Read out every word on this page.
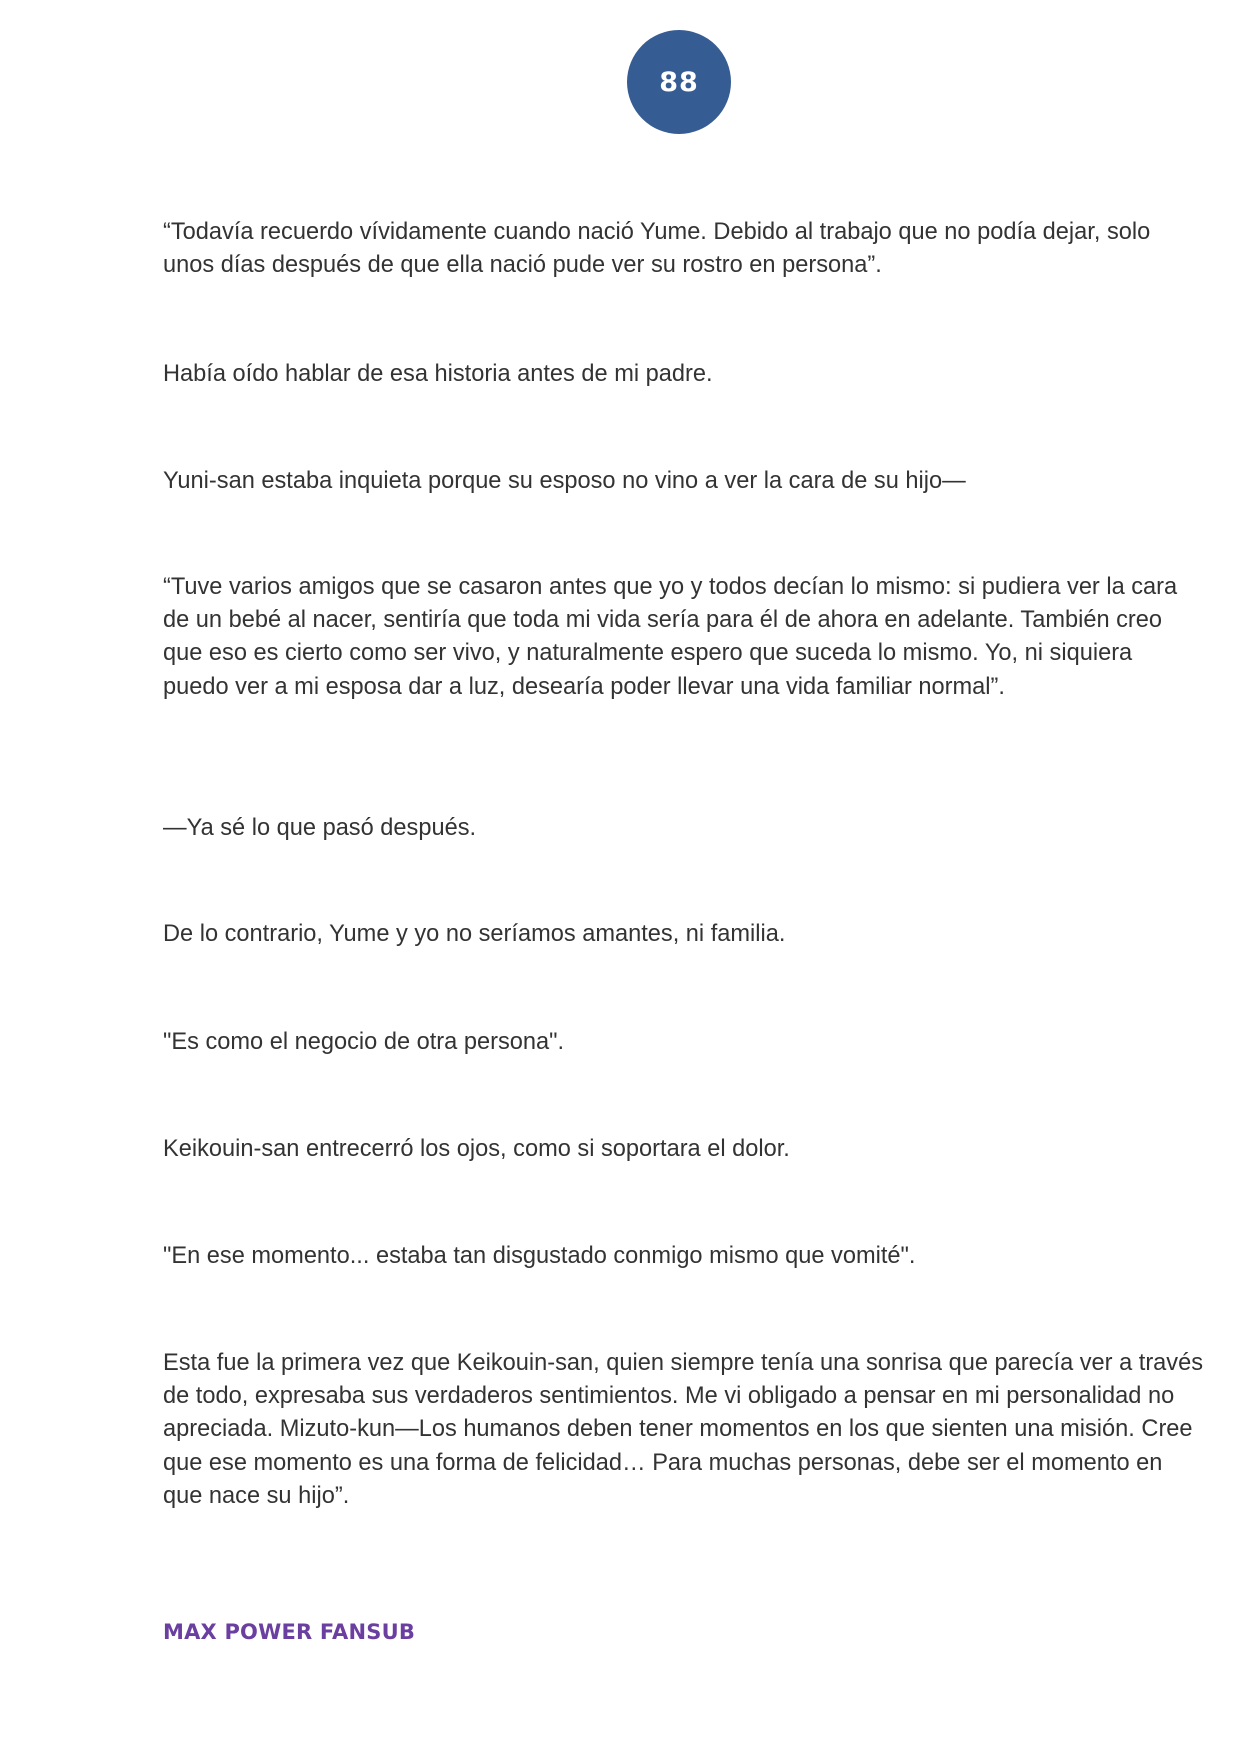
88

“Todavía recuerdo vívidamente cuando nació Yume. Debido al trabajo que no podía dejar, solo unos días después de que ella nació pude ver su rostro en persona”.

Había oído hablar de esa historia antes de mi padre.

Yuni-san estaba inquieta porque su esposo no vino a ver la cara de su hijo—

“Tuve varios amigos que se casaron antes que yo y todos decían lo mismo: si pudiera ver la cara de un bebé al nacer, sentiría que toda mi vida sería para él de ahora en adelante. También creo que eso es cierto como ser vivo, y naturalmente espero que suceda lo mismo. Yo, ni siquiera puedo ver a mi esposa dar a luz, desearía poder llevar una vida familiar normal”.

—Ya sé lo que pasó después.

De lo contrario, Yume y yo no seríamos amantes, ni familia.

"Es como el negocio de otra persona".

Keikouin-san entrecerró los ojos, como si soportara el dolor.

"En ese momento... estaba tan disgustado conmigo mismo que vomité".

Esta fue la primera vez que Keikouin-san, quien siempre tenía una sonrisa que parecía ver a través de todo, expresaba sus verdaderos sentimientos. Me vi obligado a pensar en mi personalidad no apreciada. Mizuto-kun—Los humanos deben tener momentos en los que sienten una misión. Cree que ese momento es una forma de felicidad… Para muchas personas, debe ser el momento en que nace su hijo”.

MAX POWER FANSUB
